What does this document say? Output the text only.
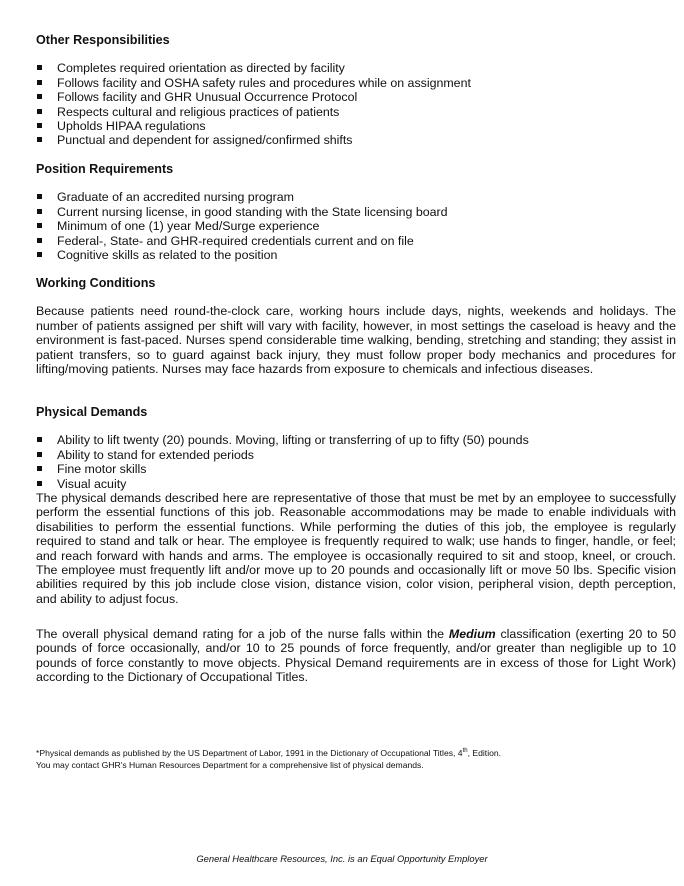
Other Responsibilities
Completes required orientation as directed by facility
Follows facility and OSHA safety rules and procedures while on assignment
Follows facility and GHR Unusual Occurrence Protocol
Respects cultural and religious practices of patients
Upholds HIPAA regulations
Punctual and dependent for assigned/confirmed shifts
Position Requirements
Graduate of an accredited nursing program
Current nursing license, in good standing with the State licensing board
Minimum of one (1) year Med/Surge experience
Federal-, State- and GHR-required credentials current and on file
Cognitive skills as related to the position
Working Conditions

Because patients need round-the-clock care, working hours include days, nights, weekends and holidays. The number of patients assigned per shift will vary with facility, however, in most settings the caseload is heavy and the environment is fast-paced. Nurses spend considerable time walking, bending, stretching and standing; they assist in patient transfers, so to guard against back injury, they must follow proper body mechanics and procedures for lifting/moving patients. Nurses may face hazards from exposure to chemicals and infectious diseases.

Physical Demands
Ability to lift twenty (20) pounds. Moving, lifting or transferring of up to fifty (50) pounds
Ability to stand for extended periods
Fine motor skills
Visual acuity

The physical demands described here are representative of those that must be met by an employee to successfully perform the essential functions of this job. Reasonable accommodations may be made to enable individuals with disabilities to perform the essential functions. While performing the duties of this job, the employee is regularly required to stand and talk or hear. The employee is frequently required to walk; use hands to finger, handle, or feel; and reach forward with hands and arms. The employee is occasionally required to sit and stoop, kneel, or crouch. The employee must frequently lift and/or move up to 20 pounds and occasionally lift or move 50 lbs. Specific vision abilities required by this job include close vision, distance vision, color vision, peripheral vision, depth perception, and ability to adjust focus.

The overall physical demand rating for a job of the nurse falls within the Medium classification (exerting 20 to 50 pounds of force occasionally, and/or 10 to 25 pounds of force frequently, and/or greater than negligible up to 10 pounds of force constantly to move objects. Physical Demand requirements are in excess of those for Light Work) according to the Dictionary of Occupational Titles.

*Physical demands as published by the US Department of Labor, 1991 in the Dictionary of Occupational Titles, 4th, Edition.
You may contact GHR's Human Resources Department for a comprehensive list of physical demands.
General Healthcare Resources, Inc. is an Equal Opportunity Employer
